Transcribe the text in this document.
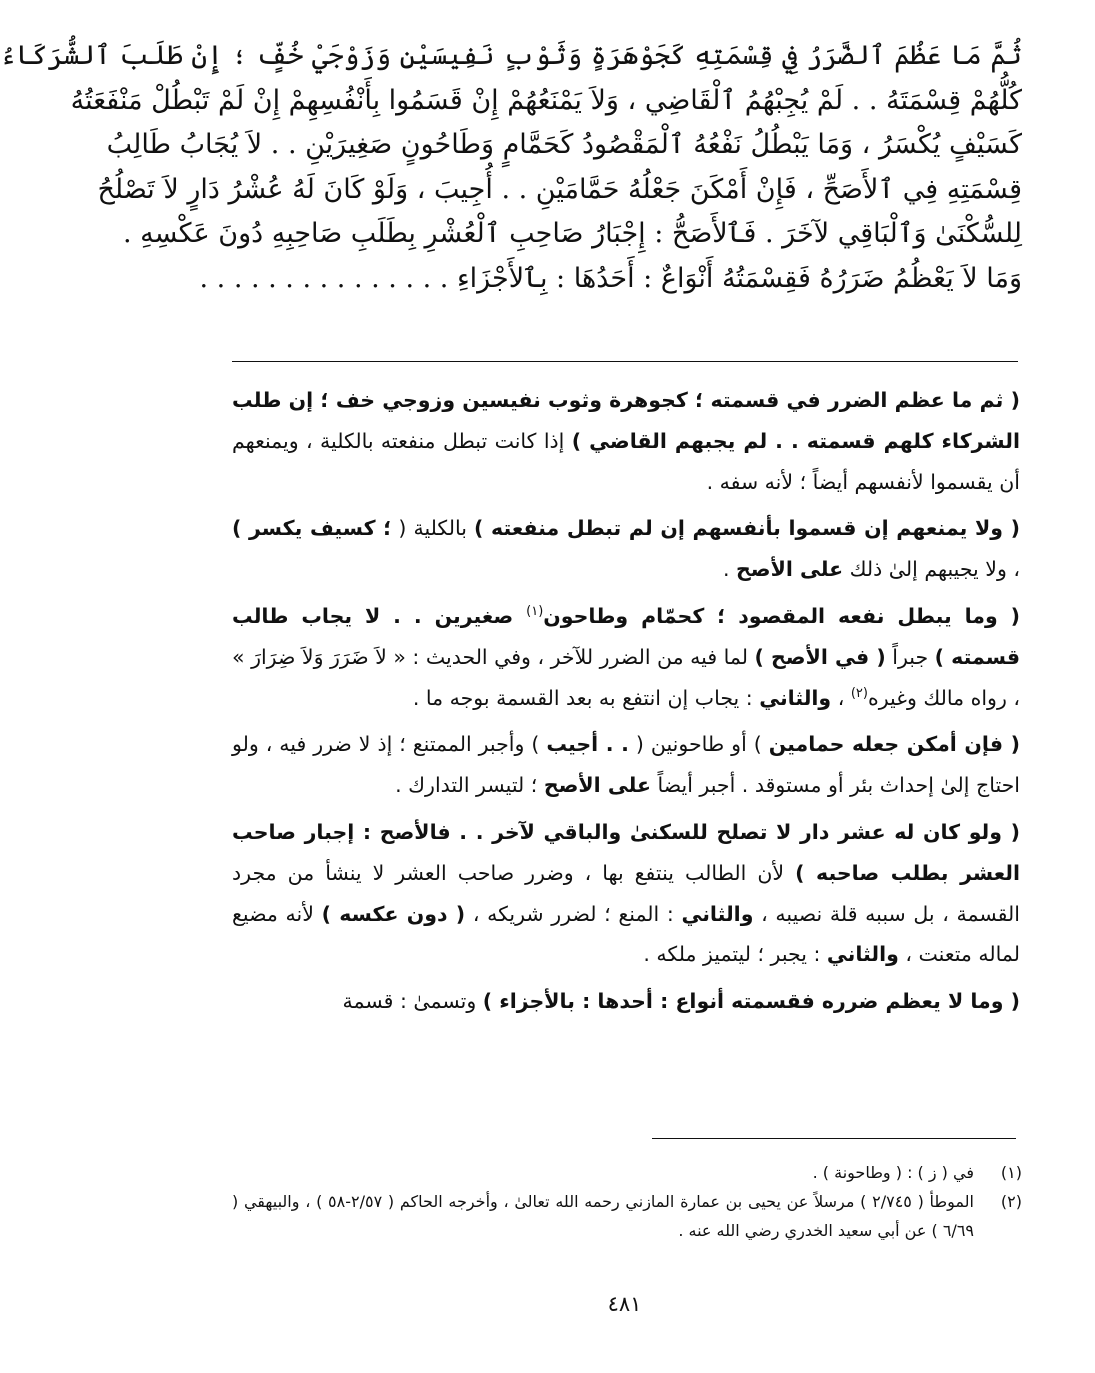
ثُمَّ مَا عَظُمَ ٱلضَّرَرُ فِي قِسْمَتِهِ كَجَوْهَرَةٍ وَثَوْبٍ نَفِيسَيْنِ وَزَوْجَيْ خُفٍّ ؛ إِنْ طَلَبَ ٱلشُّرَكَاءُ
كُلُّهُمْ قِسْمَتَهُ . . لَمْ يُجِبْهُمُ ٱلْقَاضِي ، وَلاَ يَمْنَعُهُمْ إِنْ قَسَمُوا بِأَنْفُسِهِمْ إِنْ لَمْ تَبْطُلْ مَنْفَعَتُهُ
كَسَيْفٍ يُكْسَرُ ، وَمَا يَبْطُلُ نَفْعُهُ ٱلْمَقْصُودُ كَحَمَّامٍ وَطَاحُونٍ صَغِيرَيْنِ . . لاَ يُجَابُ طَالِبُ
قِسْمَتِهِ فِي ٱلأَصَحِّ ، فَإِنْ أَمْكَنَ جَعْلُهُ حَمَّامَيْنِ . . أُجِيبَ ، وَلَوْ كَانَ لَهُ عُشْرُ دَارٍ لاَ تَصْلُحُ
لِلسُّكْنَىٰ وَٱلْبَاقِي لآخَرَ . فَٱلأَصَحُّ : إِجْبَارُ صَاحِبِ ٱلْعُشْرِ بِطَلَبِ صَاحِبِهِ دُونَ عَكْسِهِ .
وَمَا لاَ يَعْظُمُ ضَرَرُهُ فَقِسْمَتُهُ أَنْوَاعٌ : أَحَدُهَا : بِٱلأَجْزَاءِ . . . . . . . . . . . . . . .

( ثم ما عظم الضرر في قسمته ؛ كجوهرة وثوب نفيسين وزوجي خف ؛ إن طلب الشركاء كلهم قسمته . . لم يجبهم القاضي ) إذا كانت تبطل منفعته بالكلية ، ويمنعهم أن يقسموا لأنفسهم أيضاً ؛ لأنه سفه .

( ولا يمنعهم إن قسموا بأنفسهم إن لم تبطل منفعته ) بالكلية ( ؛ كسيف يكسر ) ، ولا يجيبهم إلىٰ ذلك على الأصح .

( وما يبطل نفعه المقصود ؛ كحمّام وطاحون$^{(١)}$ صغيرين . . لا يجاب طالب قسمته ) جبراً ( في الأصح ) لما فيه من الضرر للآخر ، وفي الحديث : « لاَ ضَرَرَ وَلاَ ضِرَارَ » ، رواه مالك وغيره$^{(٢)}$ ، والثاني : يجاب إن انتفع به بعد القسمة بوجه ما .

( فإن أمكن جعله حمامين ) أو طاحونين ( . . أجيب ) وأجبر الممتنع ؛ إذ لا ضرر فيه ، ولو احتاج إلىٰ إحداث بئر أو مستوقد . أجبر أيضاً على الأصح ؛ لتيسر التدارك .

( ولو كان له عشر دار لا تصلح للسكنىٰ والباقي لآخر . . فالأصح : إجبار صاحب العشر بطلب صاحبه ) لأن الطالب ينتفع بها ، وضرر صاحب العشر لا ينشأ من مجرد القسمة ، بل سببه قلة نصيبه ، والثاني : المنع ؛ لضرر شريكه ، ( دون عكسه ) لأنه مضيع لماله متعنت ، والثاني : يجبر ؛ ليتميز ملكه .

( وما لا يعظم ضرره فقسمته أنواع : أحدها : بالأجزاء ) وتسمىٰ : قسمة

(١)
في ( ز ) : ( وطاحونة ) .
(٢)
الموطأ ( ٢/٧٤٥ ) مرسلاً عن يحيى بن عمارة المازني رحمه الله تعالىٰ ، وأخرجه الحاكم ( ٢/٥٧-٥٨ ) ، والبيهقي ( ٦/٦٩ ) عن أبي سعيد الخدري رضي الله عنه .
٤٨١
